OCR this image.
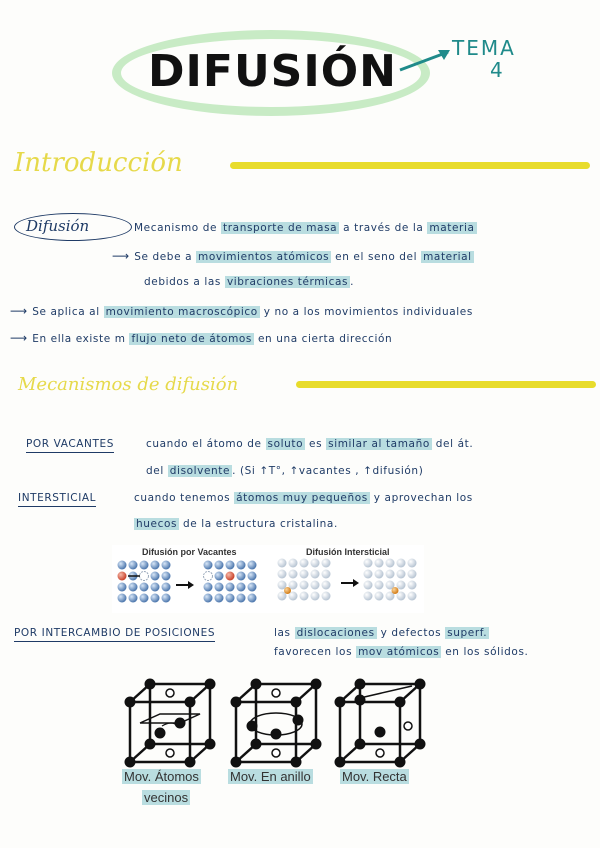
DIFUSIÓN	TEMA
4
Introducción
Difusión	Mecanismo de transporte de masa a través de la materia
⟶ Se debe a movimientos atómicos en el seno del material
debidos a las vibraciones térmicas .
⟶ Se aplica al movimiento macroscópico y no a los movimientos individuales
⟶ En ella existe m flujo neto de átomos en una cierta dirección
Mecanismos de difusión
POR VACANTES	cuando el átomo de soluto es similar al tamaño del át.
del disolvente . (Si ↑T°, ↑vacantes , ↑difusión)
INTERSTICIAL	cuando tenemos átomos muy pequeños y aprovechan los
huecos de la estructura cristalina.
Difusión por Vacantes	Difusión Intersticial
POR INTERCAMBIO DE POSICIONES	las dislocaciones y defectos superf.
favorecen los mov atómicos en los sólidos.
Mov. Átomos
vecinos
Mov. En anillo Mov. Recta
